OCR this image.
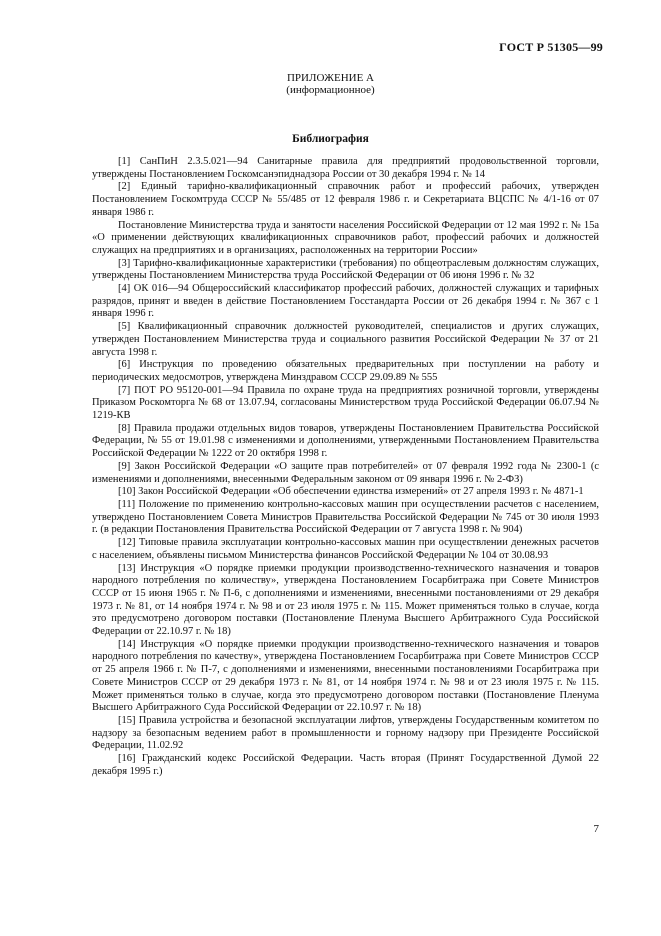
ГОСТ Р 51305—99
ПРИЛОЖЕНИЕ А
(информационное)
Библиография

[1] СанПиН 2.3.5.021—94 Санитарные правила для предприятий продовольственной торговли, утверждены Постановлением Госкомсанэпиднадзора России от 30 декабря 1994 г. № 14

[2] Единый тарифно-квалификационный справочник работ и профессий рабочих, утвержден Постановлением Госкомтруда СССР № 55/485 от 12 февраля 1986 г. и Секретариата ВЦСПС № 4/1-16 от 07 января 1986 г.

Постановление Министерства труда и занятости населения Российской Федерации от 12 мая 1992 г. № 15а «О применении действующих квалификационных справочников работ, профессий рабочих и должностей служащих на предприятиях и в организациях, расположенных на территории России»

[3] Тарифно-квалификационные характеристики (требования) по общеотраслевым должностям служащих, утверждены Постановлением Министерства труда Российской Федерации от 06 июня 1996 г. № 32

[4] ОК 016—94 Общероссийский классификатор профессий рабочих, должностей служащих и тарифных разрядов, принят и введен в действие Постановлением Госстандарта России от 26 декабря 1994 г. № 367 с 1 января 1996 г.

[5] Квалификационный справочник должностей руководителей, специалистов и других служащих, утвержден Постановлением Министерства труда и социального развития Российской Федерации № 37 от 21 августа 1998 г.

[6] Инструкция по проведению обязательных предварительных при поступлении на работу и периодических медосмотров, утверждена Минздравом СССР 29.09.89 № 555

[7] ПОТ РО 95120-001—94 Правила по охране труда на предприятиях розничной торговли, утверждены Приказом Роскомторга № 68 от 13.07.94, согласованы Министерством труда Российской Федерации 06.07.94 № 1219-КВ

[8] Правила продажи отдельных видов товаров, утверждены Постановлением Правительства Российской Федерации, № 55 от 19.01.98 с изменениями и дополнениями, утвержденными Постановлением Правительства Российской Федерации № 1222 от 20 октября 1998 г.

[9] Закон Российской Федерации «О защите прав потребителей» от 07 февраля 1992 года № 2300-1 (с изменениями и дополнениями, внесенными Федеральным законом от 09 января 1996 г. № 2-ФЗ)

[10] Закон Российской Федерации «Об обеспечении единства измерений» от 27 апреля 1993 г. № 4871-1

[11] Положение по применению контрольно-кассовых машин при осуществлении расчетов с населением, утверждено Постановлением Совета Министров Правительства Российской Федерации № 745 от 30 июля 1993 г. (в редакции Постановления Правительства Российской Федерации от 7 августа 1998 г. № 904)

[12] Типовые правила эксплуатации контрольно-кассовых машин при осуществлении денежных расчетов с населением, объявлены письмом Министерства финансов Российской Федерации № 104 от 30.08.93

[13] Инструкция «О порядке приемки продукции производственно-технического назначения и товаров народного потребления по количеству», утверждена Постановлением Госарбитража при Совете Министров СССР от 15 июня 1965 г. № П-6, с дополнениями и изменениями, внесенными постановлениями от 29 декабря 1973 г. № 81, от 14 ноября 1974 г. № 98 и от 23 июля 1975 г. № 115. Может применяться только в случае, когда это предусмотрено договором поставки (Постановление Пленума Высшего Арбитражного Суда Российской Федерации от 22.10.97 г. № 18)

[14] Инструкция «О порядке приемки продукции производственно-технического назначения и товаров народного потребления по качеству», утверждена Постановлением Госарбитража при Совете Министров СССР от 25 апреля 1966 г. № П-7, с дополнениями и изменениями, внесенными постановлениями Госарбитража при Совете Министров СССР от 29 декабря 1973 г. № 81, от 14 ноября 1974 г. № 98 и от 23 июля 1975 г. № 115. Может применяться только в случае, когда это предусмотрено договором поставки (Постановление Пленума Высшего Арбитражного Суда Российской Федерации от 22.10.97 г. № 18)

[15] Правила устройства и безопасной эксплуатации лифтов, утверждены Государственным комитетом по надзору за безопасным ведением работ в промышленности и горному надзору при Президенте Российской Федерации, 11.02.92

[16] Гражданский кодекс Российской Федерации. Часть вторая (Принят Государственной Думой 22 декабря 1995 г.)

7
